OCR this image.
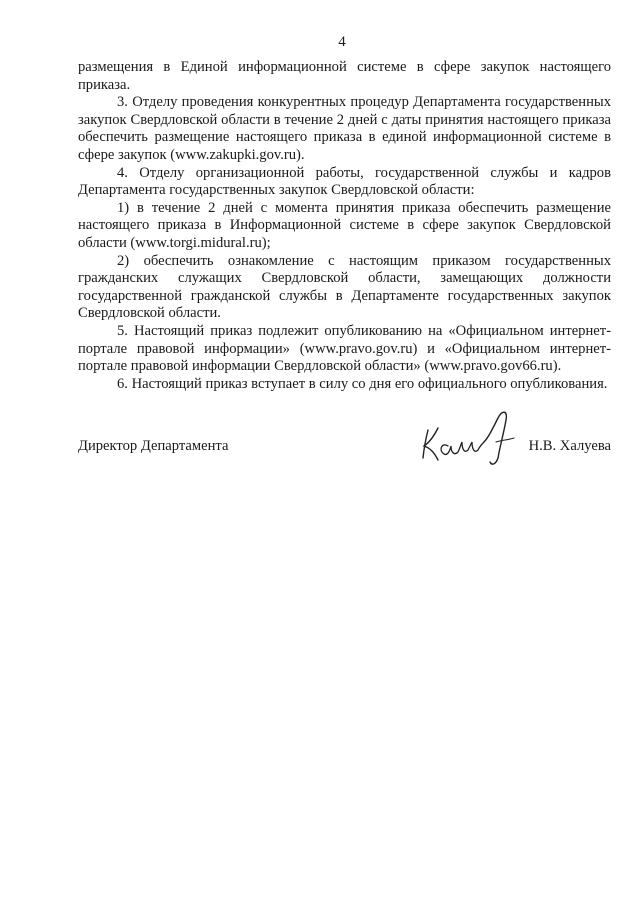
4

размещения в Единой информационной системе в сфере закупок настоящего приказа.

3. Отделу проведения конкурентных процедур Департамента государственных закупок Свердловской области в течение 2 дней с даты принятия настоящего приказа обеспечить размещение настоящего приказа в единой информационной системе в сфере закупок (www.zakupki.gov.ru).

4. Отделу организационной работы, государственной службы и кадров Департамента государственных закупок Свердловской области:

1) в течение 2 дней с момента принятия приказа обеспечить размещение настоящего приказа в Информационной системе в сфере закупок Свердловской области (www.torgi.midural.ru);

2) обеспечить ознакомление с настоящим приказом государственных гражданских служащих Свердловской области, замещающих должности государственной гражданской службы в Департаменте государственных закупок Свердловской области.

5. Настоящий приказ подлежит опубликованию на «Официальном интернет-портале правовой информации» (www.pravo.gov.ru) и «Официальном интернет-портале правовой информации Свердловской области» (www.pravo.gov66.ru).

6. Настоящий приказ вступает в силу со дня его официального опубликования.

Директор Департамента	Н.В. Халуева
